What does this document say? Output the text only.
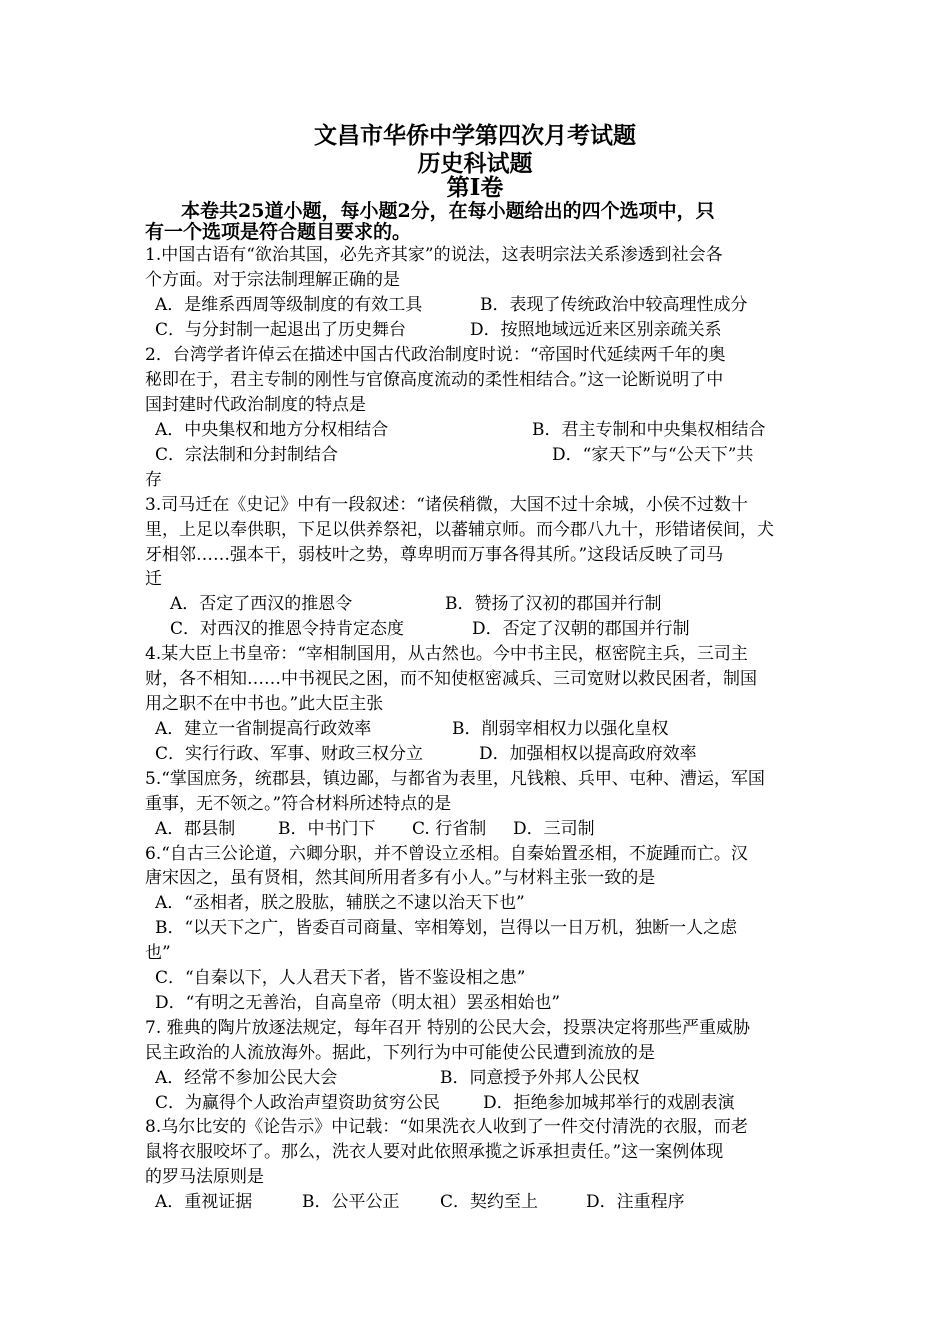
文昌市华侨中学第四次月考试题
历史科试题
第Ⅰ卷
本卷共25道小题，每小题2分，在每小题给出的四个选项中，只
有一个选项是符合题目要求的。
1.中国古语有“欲治其国，必先齐其家”的说法，这表明宗法关系渗透到社会各
个方面。对于宗法制理解正确的是
A．是维系西周等级制度的有效工具	B．表现了传统政治中较高理性成分
C．与分封制一起退出了历史舞台	D．按照地域远近来区别亲疏关系
2．台湾学者许倬云在描述中国古代政治制度时说：“帝国时代延续两千年的奥
秘即在于，君主专制的刚性与官僚高度流动的柔性相结合。”这一论断说明了中
国封建时代政治制度的特点是
A．中央集权和地方分权相结合	B．君主专制和中央集权相结合
C．宗法制和分封制结合	D．“家天下”与“公天下”共
存
3.司马迁在《史记》中有一段叙述：“诸侯稍微，大国不过十余城，小侯不过数十
里，上足以奉供职，下足以供养祭祀，以蕃辅京师。而今郡八九十，形错诸侯间，犬
牙相邻……强本干，弱枝叶之势，尊卑明而万事各得其所。”这段话反映了司马
迁
A．否定了西汉的推恩令	B．赞扬了汉初的郡国并行制
C．对西汉的推恩令持肯定态度	D．否定了汉朝的郡国并行制
4.某大臣上书皇帝：“宰相制国用，从古然也。今中书主民，枢密院主兵，三司主
财，各不相知……中书视民之困，而不知使枢密减兵、三司宽财以救民困者，制国
用之职不在中书也。”此大臣主张
A．建立一省制提高行政效率	B．削弱宰相权力以强化皇权
C．实行行政、军事、财政三权分立	D．加强相权以提高政府效率
5.“掌国庶务，统郡县，镇边鄙，与都省为表里，凡钱粮、兵甲、屯种、漕运，军国
重事，无不领之。”符合材料所述特点的是
A．郡县制	B．中书门下 C. 行省制 D．三司制
6.“自古三公论道，六卿分职，并不曾设立丞相。自秦始置丞相，不旋踵而亡。汉
唐宋因之，虽有贤相，然其间所用者多有小人。”与材料主张一致的是
A．“丞相者，朕之股肱，辅朕之不逮以治天下也”
B．“以天下之广，皆委百司商量、宰相筹划，岂得以一日万机，独断一人之虑
也”
C．“自秦以下，人人君天下者，皆不鉴设相之患”
D．“有明之无善治，自高皇帝（明太祖）罢丞相始也”
7. 雅典的陶片放逐法规定，每年召开 特别的公民大会，投票决定将那些严重威胁
民主政治的人流放海外。据此，下列行为中可能使公民遭到流放的是
A．经常不参加公民大会	B．同意授予外邦人公民权
C．为赢得个人政治声望资助贫穷公民	D．拒绝参加城邦举行的戏剧表演
8.乌尔比安的《论告示》中记载：“如果洗衣人收到了一件交付清洗的衣服，而老
鼠将衣服咬坏了。那么，洗衣人要对此依照承揽之诉承担责任。”这一案例体现
的罗马法原则是
A．重视证据	B．公平公正 C．契约至上	D．注重程序
